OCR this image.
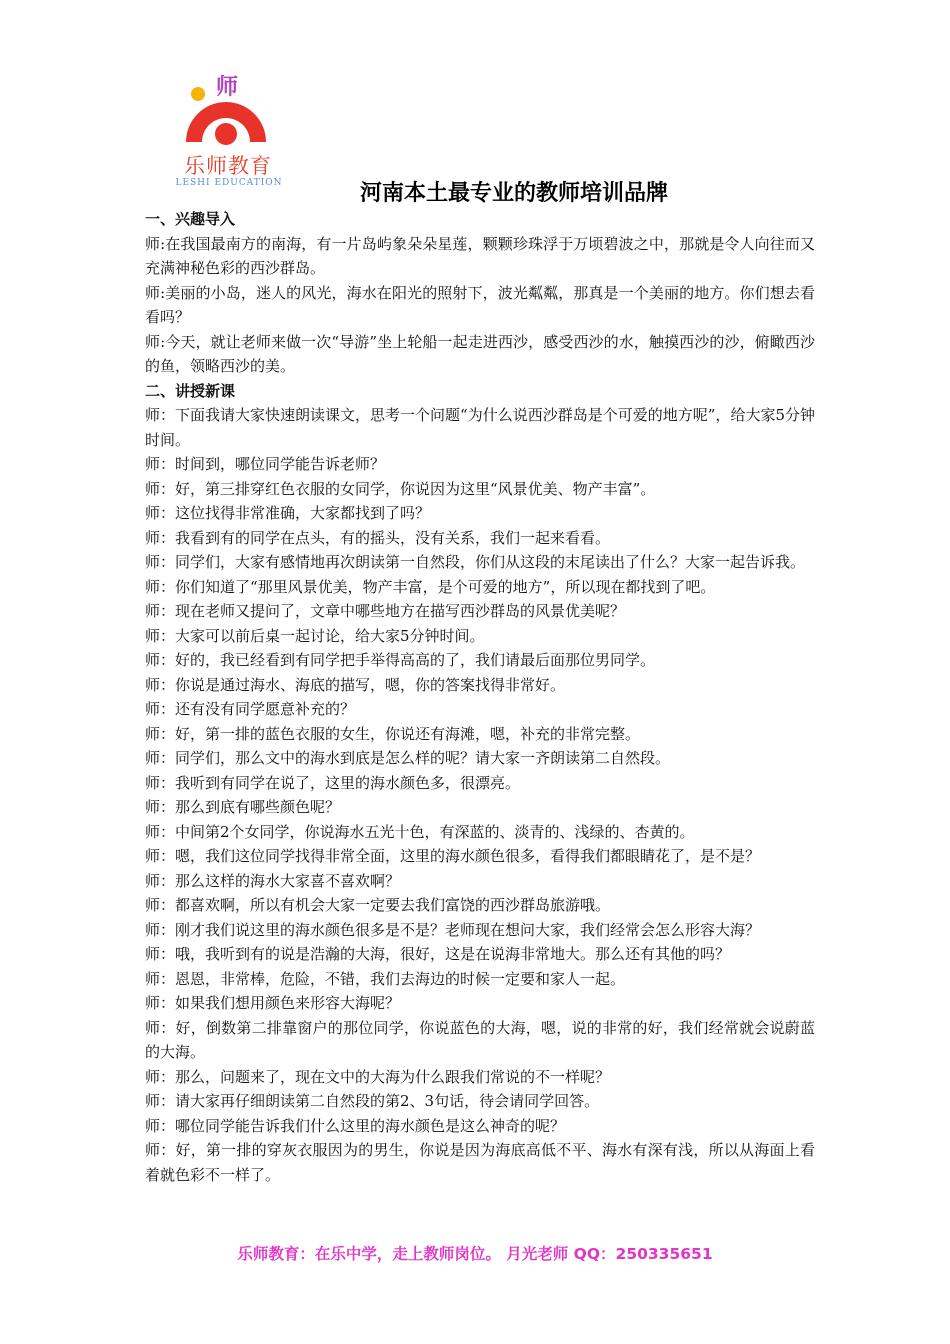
师
乐师教育
LESHI EDUCATION	河南本土最专业的教师培训品牌

一、兴趣导入

师:在我国最南方的南海，有一片岛屿象朵朵星莲，颗颗珍珠浮于万顷碧波之中，那就是令人向往而又充满神秘色彩的西沙群岛。

师:美丽的小岛，迷人的风光，海水在阳光的照射下，波光粼粼，那真是一个美丽的地方。你们想去看看吗？

师:今天，就让老师来做一次“导游”坐上轮船一起走进西沙，感受西沙的水，触摸西沙的沙，俯瞰西沙的鱼，领略西沙的美。

二、讲授新课

师：下面我请大家快速朗读课文，思考一个问题“为什么说西沙群岛是个可爱的地方呢”，给大家5分钟时间。

师：时间到，哪位同学能告诉老师？

师：好，第三排穿红色衣服的女同学，你说因为这里“风景优美、物产丰富”。

师：这位找得非常准确，大家都找到了吗？

师：我看到有的同学在点头，有的摇头，没有关系，我们一起来看看。

师：同学们，大家有感情地再次朗读第一自然段，你们从这段的末尾读出了什么？大家一起告诉我。

师：你们知道了“那里风景优美，物产丰富，是个可爱的地方”，所以现在都找到了吧。

师：现在老师又提问了，文章中哪些地方在描写西沙群岛的风景优美呢？

师：大家可以前后桌一起讨论，给大家5分钟时间。

师：好的，我已经看到有同学把手举得高高的了，我们请最后面那位男同学。

师：你说是通过海水、海底的描写，嗯，你的答案找得非常好。

师：还有没有同学愿意补充的？

师：好，第一排的蓝色衣服的女生，你说还有海滩，嗯，补充的非常完整。

师：同学们，那么文中的海水到底是怎么样的呢？请大家一齐朗读第二自然段。

师：我听到有同学在说了，这里的海水颜色多，很漂亮。

师：那么到底有哪些颜色呢？

师：中间第2个女同学，你说海水五光十色，有深蓝的、淡青的、浅绿的、杏黄的。

师：嗯，我们这位同学找得非常全面，这里的海水颜色很多，看得我们都眼睛花了，是不是？

师：那么这样的海水大家喜不喜欢啊？

师：都喜欢啊，所以有机会大家一定要去我们富饶的西沙群岛旅游哦。

师：刚才我们说这里的海水颜色很多是不是？老师现在想问大家，我们经常会怎么形容大海？

师：哦，我听到有的说是浩瀚的大海，很好，这是在说海非常地大。那么还有其他的吗？

师：恩恩，非常棒，危险，不错，我们去海边的时候一定要和家人一起。

师：如果我们想用颜色来形容大海呢？

师：好，倒数第二排靠窗户的那位同学，你说蓝色的大海，嗯，说的非常的好，我们经常就会说蔚蓝的大海。

师：那么，问题来了，现在文中的大海为什么跟我们常说的不一样呢？

师：请大家再仔细朗读第二自然段的第2、3句话，待会请同学回答。

师：哪位同学能告诉我们什么这里的海水颜色是这么神奇的呢？

师：好，第一排的穿灰衣服因为的男生，你说是因为海底高低不平、海水有深有浅，所以从海面上看着就色彩不一样了。

乐师教育：在乐中学，走上教师岗位。 月光老师 QQ：250335651
